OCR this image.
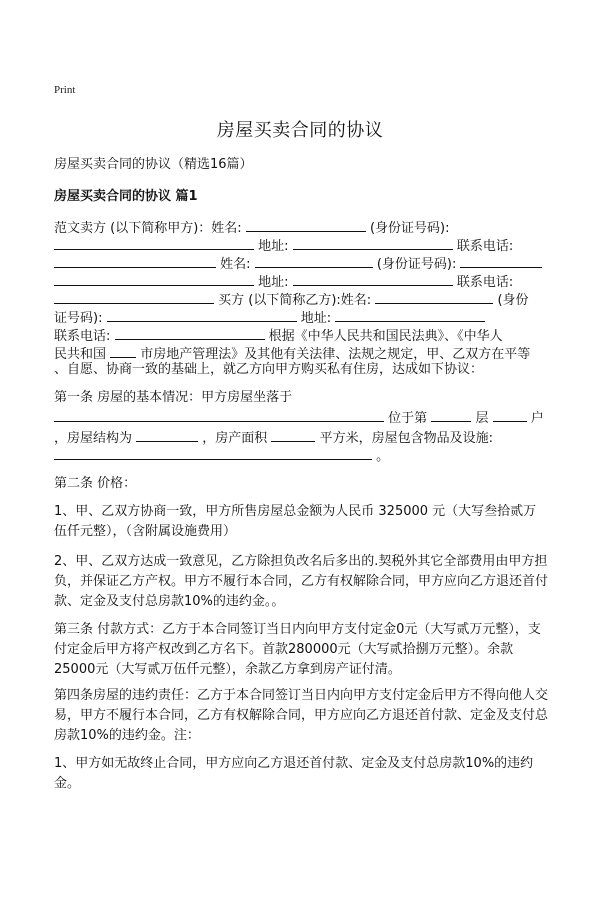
Print
房屋买卖合同的协议
房屋买卖合同的协议（精选16篇）
房屋买卖合同的协议 篇1
范文卖方 (以下简称甲方)：姓名:	(身份证号码):
地址:	联系电话:
姓名:	(身份证号码):
地址:	联系电话:
买方 (以下简称乙方):姓名:	(身份
证号码):	地址:
联系电话:	根据《中华人民共和国民法典》、《中华人
民共和国	市房地产管理法》及其他有关法律、法规之规定，甲、乙双方在平等
、自愿、协商一致的基础上，就乙方向甲方购买私有住房，达成如下协议：
第一条 房屋的基本情况：甲方房屋坐落于
位于第	层	户
，房屋结构为	，房产面积	平方米，房屋包含物品及设施:
。
第二条 价格：
1、甲、乙双方协商一致，甲方所售房屋总金额为人民币 325000 元（大写叁拾贰万伍仟元整），（含附属设施费用）
2、甲、乙双方达成一致意见，乙方除担负改名后多出的.契税外其它全部费用由甲方担负，并保证乙方产权。甲方不履行本合同，乙方有权解除合同，甲方应向乙方退还首付款、定金及支付总房款10%的违约金。。
第三条 付款方式：乙方于本合同签订当日内向甲方支付定金0元（大写贰万元整），支付定金后甲方将产权改到乙方名下。首款280000元（大写贰拾捌万元整）。余款25000元（大写贰万伍仟元整），余款乙方拿到房产证付清。
第四条房屋的违约责任：乙方于本合同签订当日内向甲方支付定金后甲方不得向他人交易，甲方不履行本合同，乙方有权解除合同，甲方应向乙方退还首付款、定金及支付总房款10%的违约金。注：
1、甲方如无故终止合同，甲方应向乙方退还首付款、定金及支付总房款10%的违约金。
